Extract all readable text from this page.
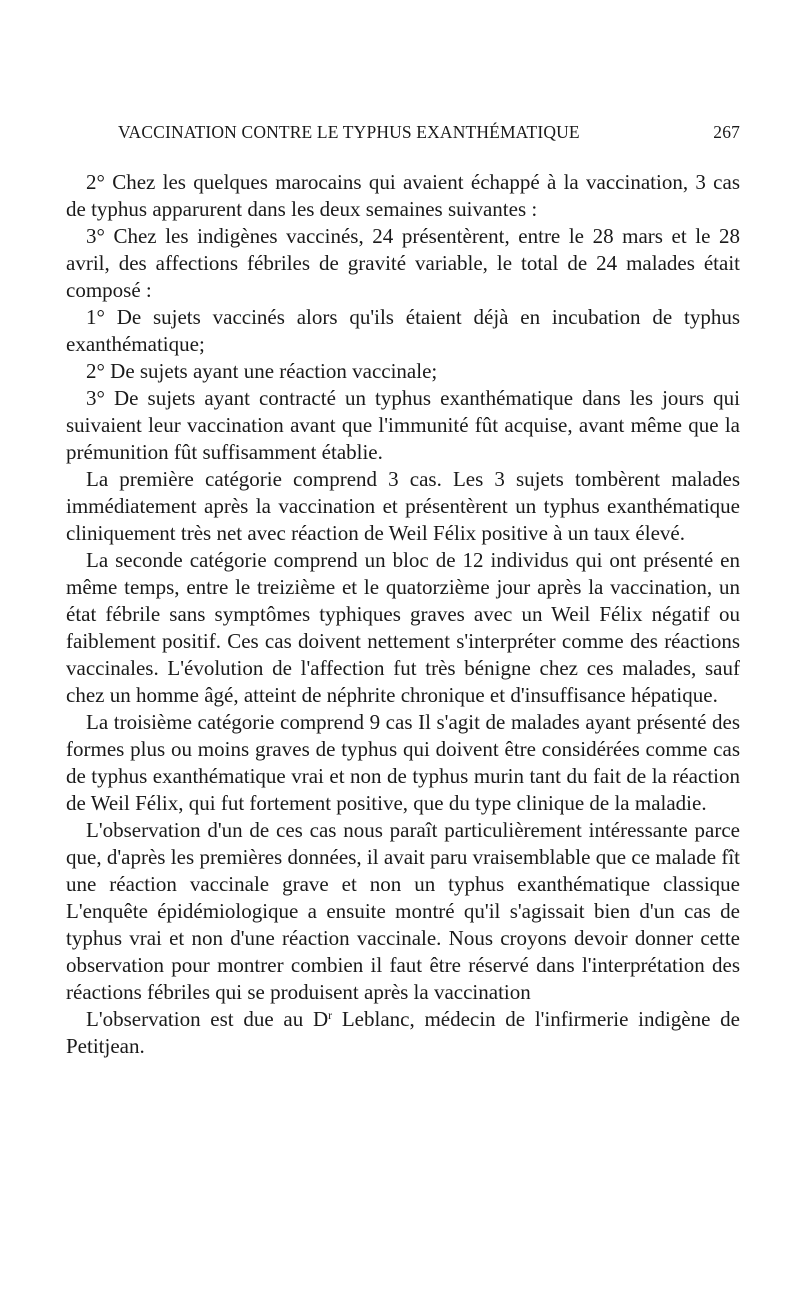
VACCINATION CONTRE LE TYPHUS EXANTHÉMATIQUE	267

2° Chez les quelques marocains qui avaient échappé à la vaccination, 3 cas de typhus apparurent dans les deux semaines suivantes :

3° Chez les indigènes vaccinés, 24 présentèrent, entre le 28 mars et le 28 avril, des affections fébriles de gravité variable, le total de 24 malades était composé :

1° De sujets vaccinés alors qu'ils étaient déjà en incubation de typhus exanthématique;

2° De sujets ayant une réaction vaccinale;

3° De sujets ayant contracté un typhus exanthématique dans les jours qui suivaient leur vaccination avant que l'immunité fût acquise, avant même que la prémunition fût suffisamment établie.

La première catégorie comprend 3 cas. Les 3 sujets tombèrent malades immédiatement après la vaccination et présentèrent un typhus exanthématique cliniquement très net avec réaction de Weil Félix positive à un taux élevé.

La seconde catégorie comprend un bloc de 12 individus qui ont présenté en même temps, entre le treizième et le quatorzième jour après la vaccination, un état fébrile sans symptômes typhiques graves avec un Weil Félix négatif ou faiblement positif. Ces cas doivent nettement s'interpréter comme des réactions vaccinales. L'évolution de l'affection fut très bénigne chez ces malades, sauf chez un homme âgé, atteint de néphrite chronique et d'insuffisance hépatique.

La troisième catégorie comprend 9 cas Il s'agit de malades ayant présenté des formes plus ou moins graves de typhus qui doivent être considérées comme cas de typhus exanthématique vrai et non de typhus murin tant du fait de la réaction de Weil Félix, qui fut fortement positive, que du type clinique de la maladie.

L'observation d'un de ces cas nous paraît particulièrement intéressante parce que, d'après les premières données, il avait paru vraisemblable que ce malade fît une réaction vaccinale grave et non un typhus exanthématique classique L'enquête épidémiologique a ensuite montré qu'il s'agissait bien d'un cas de typhus vrai et non d'une réaction vaccinale. Nous croyons devoir donner cette observation pour montrer combien il faut être réservé dans l'interprétation des réactions fébriles qui se produisent après la vaccination

L'observation est due au $D^r$ Leblanc, médecin de l'infirmerie indigène de Petitjean.
